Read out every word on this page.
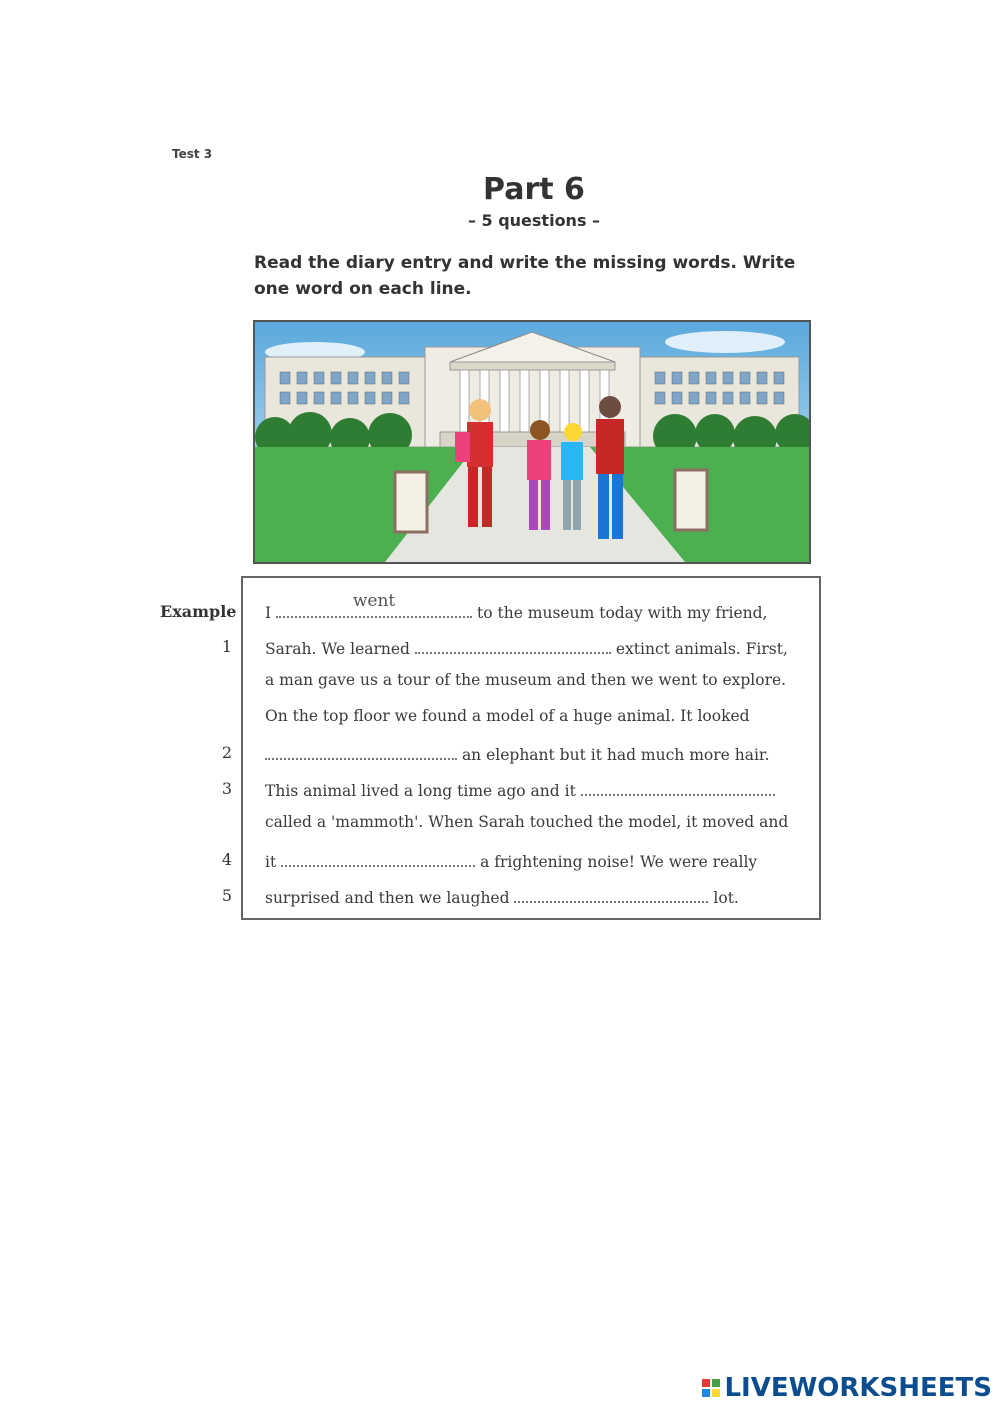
Test 3
Part 6
– 5 questions –
Read the diary entry and write the missing words. Write one word on each line.
Example
1
2
3
4
5
I
went
to the museum today with my friend,
Sarah. We learned	extinct animals. First,
a man gave us a tour of the museum and then we went to explore.
On the top floor we found a model of a huge animal. It looked
an elephant but it had much more hair.
This animal lived a long time ago and it
called a 'mammoth'. When Sarah touched the model, it moved and
it	a frightening noise! We were really
surprised and then we laughed	lot.
LIVEWORKSHEETS
